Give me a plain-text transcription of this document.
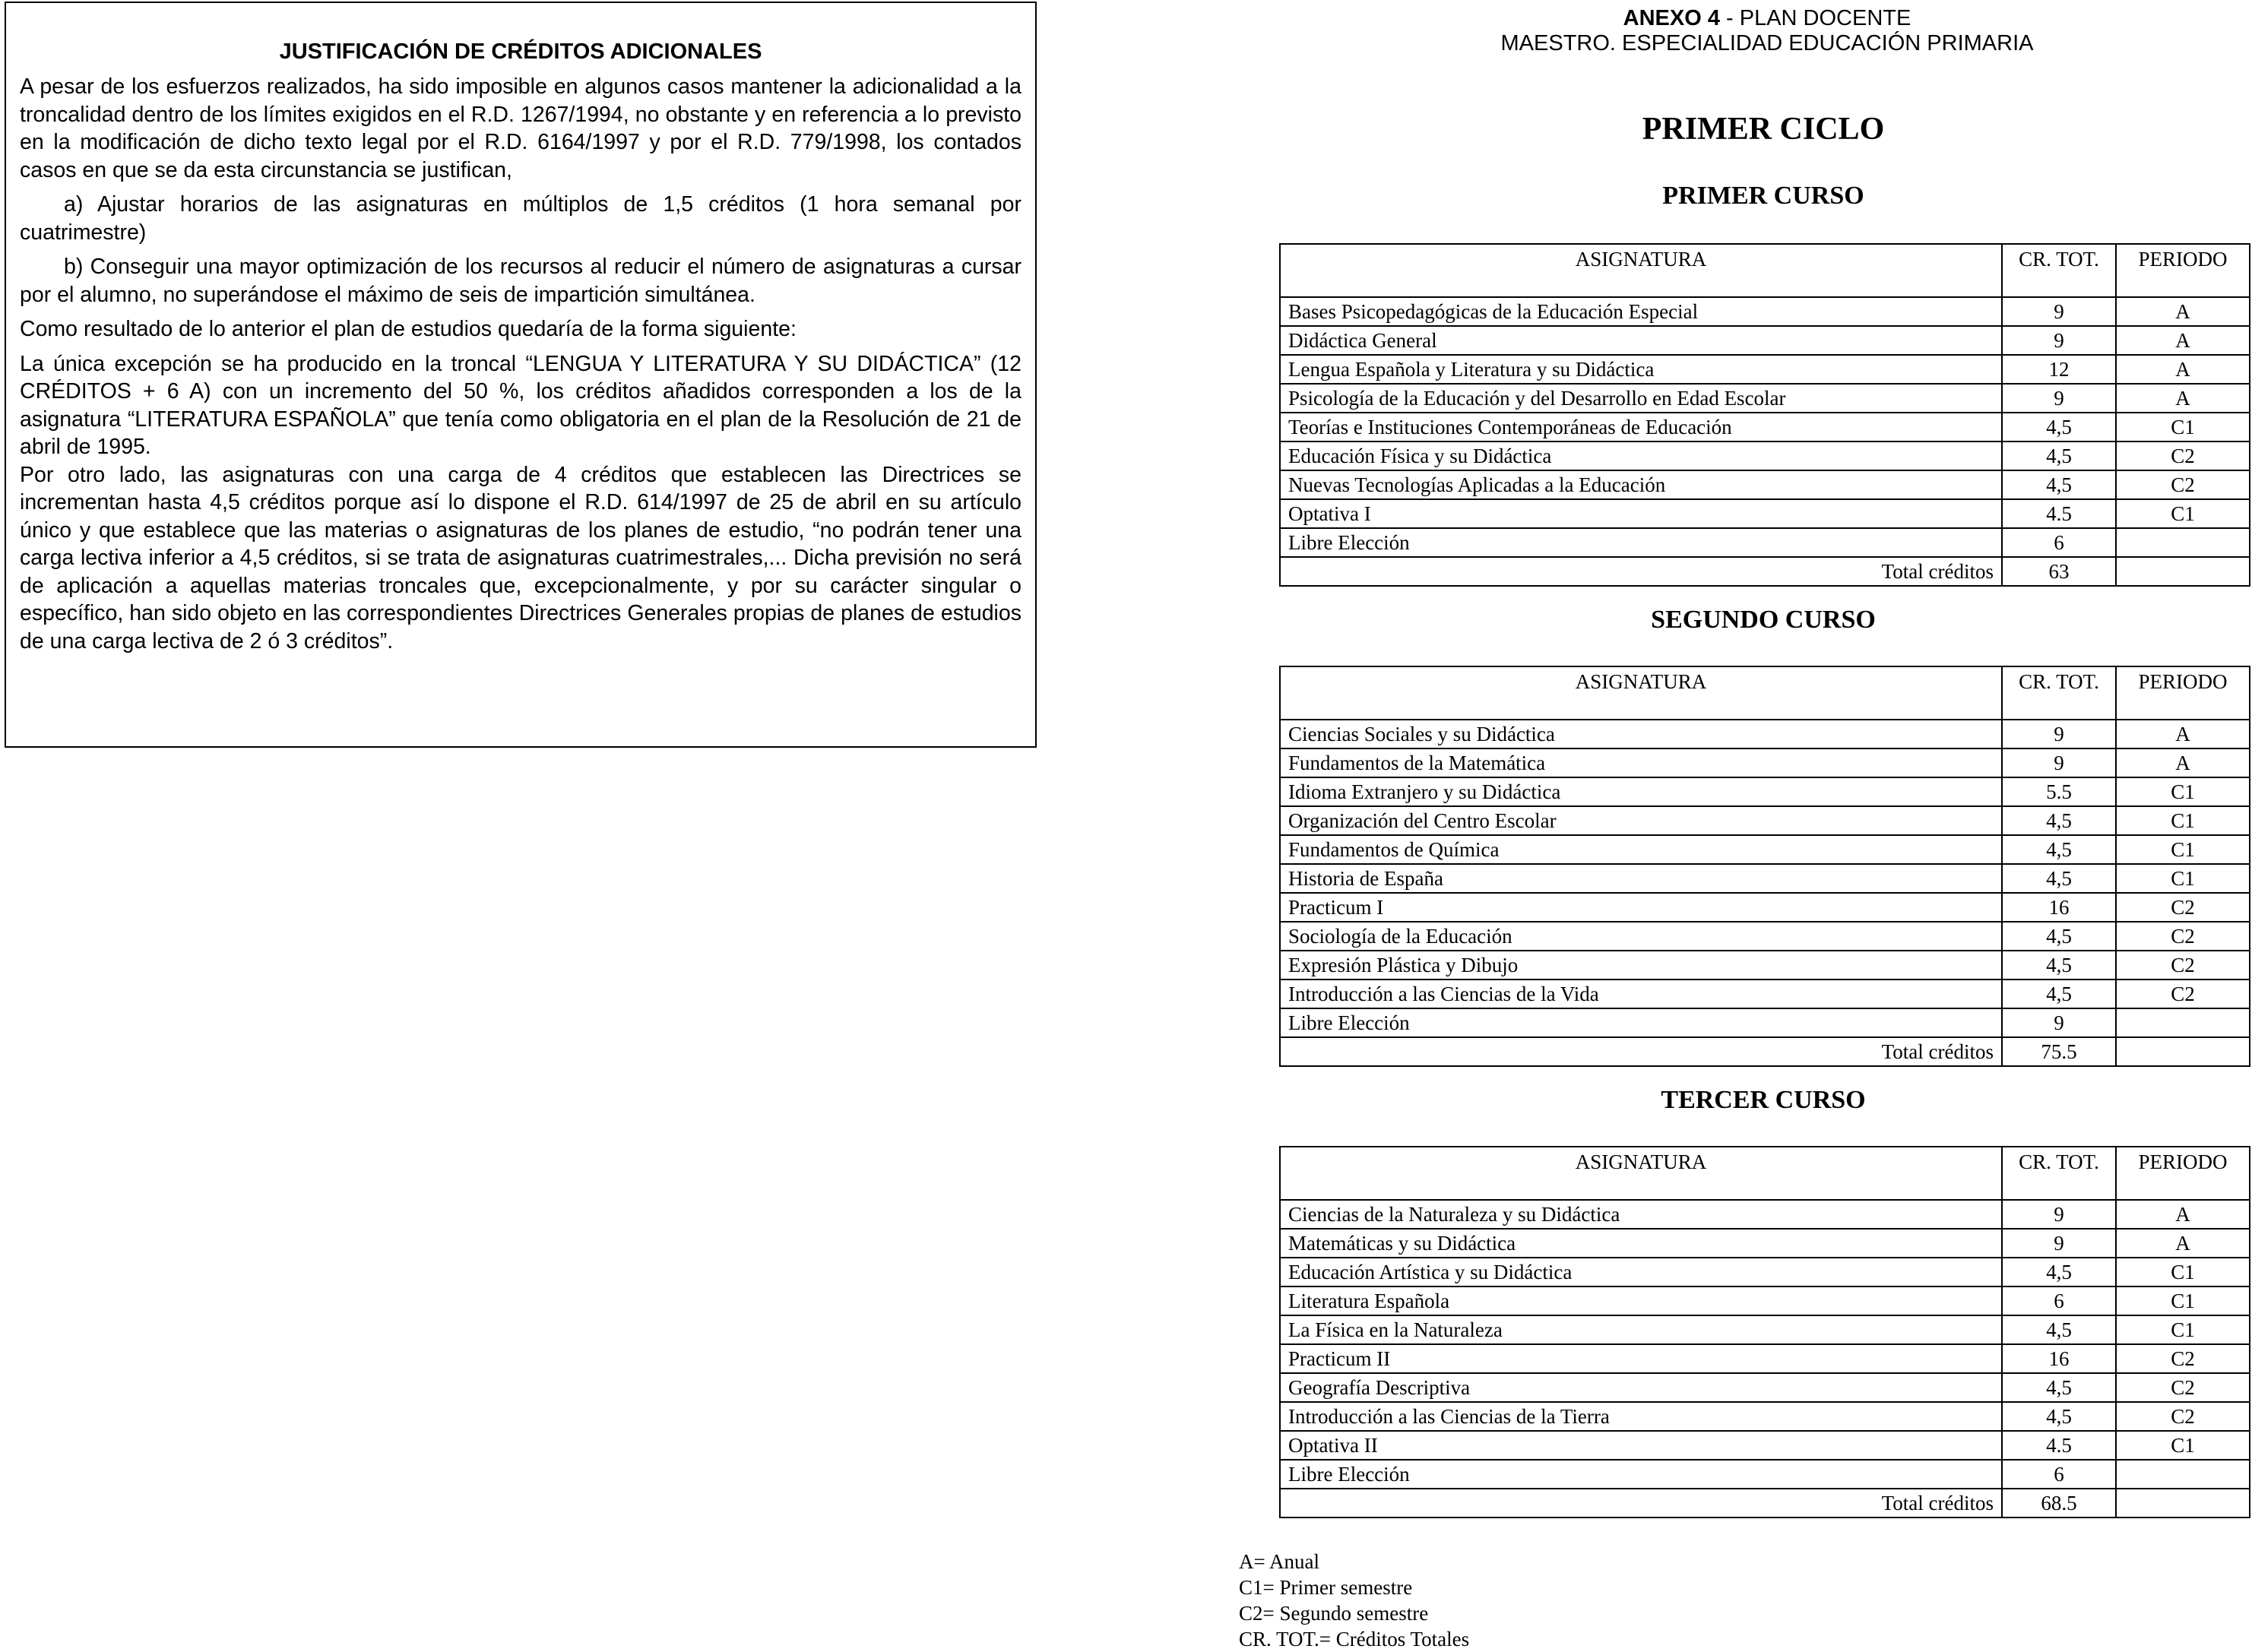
JUSTIFICACIÓN DE CRÉDITOS ADICIONALES

A pesar de los esfuerzos realizados, ha sido imposible en algunos casos mantener la adicionalidad a la troncalidad dentro de los límites exigidos en el R.D. 1267/1994, no obstante y en referencia a lo previsto en la modificación de dicho texto legal por el R.D. 6164/1997 y por el R.D. 779/1998, los contados casos en que se da esta circunstancia se justifican,

a) Ajustar horarios de las asignaturas en múltiplos de 1,5 créditos (1 hora semanal por cuatrimestre)

b) Conseguir una mayor optimización de los recursos al reducir el número de asignaturas a cursar por el alumno, no superándose el máximo de seis de impartición simultánea.

Como resultado de lo anterior el plan de estudios quedaría de la forma siguiente:

La única excepción se ha producido en la troncal “LENGUA Y LITERATURA Y SU DIDÁCTICA” (12 CRÉDITOS + 6 A) con un incremento del 50 %, los créditos añadidos corresponden a los de la asignatura “LITERATURA ESPAÑOLA” que tenía como obligatoria en el plan de la Resolución de 21 de abril de 1995.

Por otro lado, las asignaturas con una carga de 4 créditos que establecen las Directrices se incrementan hasta 4,5 créditos porque así lo dispone el R.D. 614/1997 de 25 de abril en su artículo único y que establece que las materias o asignaturas de los planes de estudio, “no podrán tener una carga lectiva inferior a 4,5 créditos, si se trata de asignaturas cuatrimestrales,... Dicha previsión no será de aplicación a aquellas materias troncales que, excepcionalmente, y por su carácter singular o específico, han sido objeto en las correspondientes Directrices Generales propias de planes de estudios de una carga lectiva de 2 ó 3 créditos”.

ANEXO 4 - PLAN DOCENTE
MAESTRO. ESPECIALIDAD EDUCACIÓN PRIMARIA
PRIMER CICLO
PRIMER CURSO
SEGUNDO CURSO
TERCER CURSO
ASIGNATURA	CR. TOT.	PERIODO
Bases Psicopedagógicas de la Educación Especial	9	A
Didáctica General	9	A
Lengua Española y Literatura y su Didáctica	12	A
Psicología de la Educación y del Desarrollo en Edad Escolar	9	A
Teorías e Instituciones Contemporáneas de Educación	4,5	C1
Educación Física y su Didáctica	4,5	C2
Nuevas Tecnologías Aplicadas a la Educación	4,5	C2
Optativa I	4.5	C1
Libre Elección	6	
Total créditos	63	
ASIGNATURA	CR. TOT.	PERIODO
Ciencias Sociales y su Didáctica	9	A
Fundamentos de la Matemática	9	A
Idioma Extranjero y su Didáctica	5.5	C1
Organización del Centro Escolar	4,5	C1
Fundamentos de Química	4,5	C1
Historia de España	4,5	C1
Practicum I	16	C2
Sociología de la Educación	4,5	C2
Expresión Plástica y Dibujo	4,5	C2
Introducción a las Ciencias de la Vida	4,5	C2
Libre Elección	9	
Total créditos	75.5	
ASIGNATURA	CR. TOT.	PERIODO
Ciencias de la Naturaleza y su Didáctica	9	A
Matemáticas y su Didáctica	9	A
Educación Artística y su Didáctica	4,5	C1
Literatura Española	6	C1
La Física en la Naturaleza	4,5	C1
Practicum II	16	C2
Geografía Descriptiva	4,5	C2
Introducción a las Ciencias de la Tierra	4,5	C2
Optativa II	4.5	C1
Libre Elección	6	
Total créditos	68.5	
A= Anual
C1= Primer semestre
C2= Segundo semestre
CR. TOT.= Créditos Totales
